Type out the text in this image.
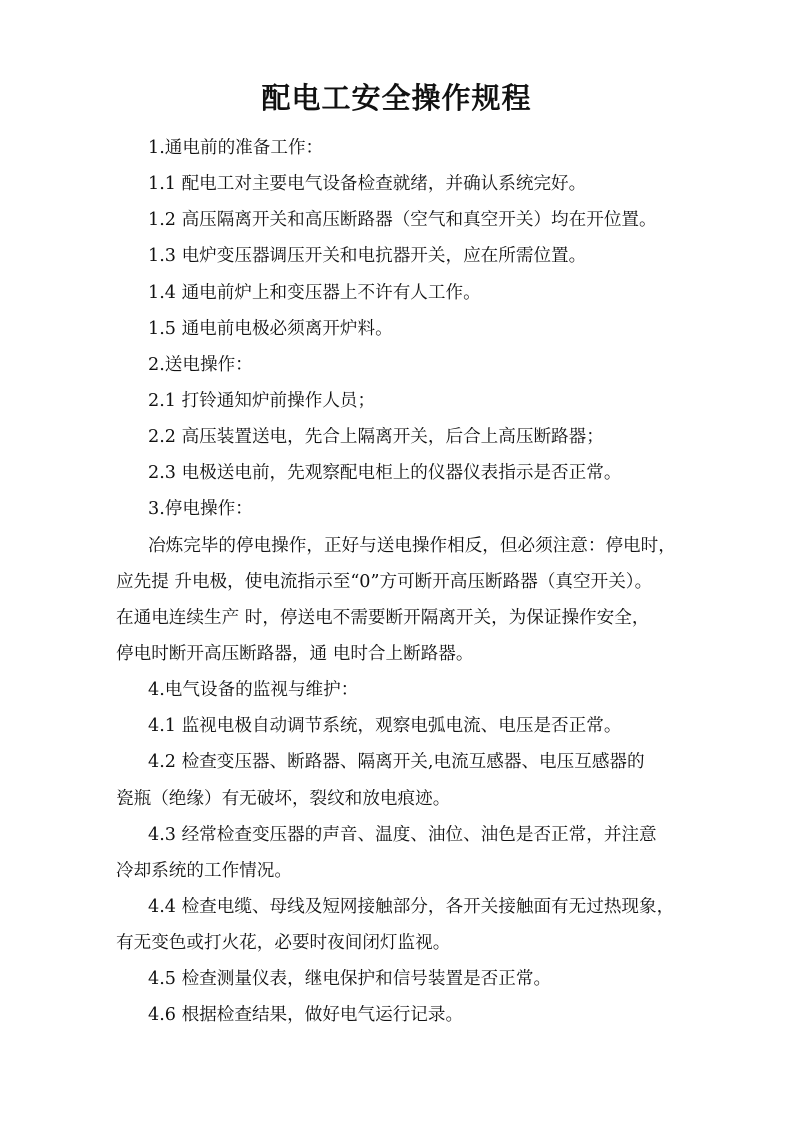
配电工安全操作规程
1.通电前的准备工作：
1.1 配电工对主要电气设备检查就绪，并确认系统完好。
1.2 高压隔离开关和高压断路器（空气和真空开关）均在开位置。
1.3 电炉变压器调压开关和电抗器开关，应在所需位置。
1.4 通电前炉上和变压器上不许有人工作。
1.5 通电前电极必须离开炉料。
2.送电操作：
2.1 打铃通知炉前操作人员；
2.2 高压装置送电，先合上隔离开关，后合上高压断路器；
2.3 电极送电前，先观察配电柜上的仪器仪表指示是否正常。
3.停电操作：
冶炼完毕的停电操作，正好与送电操作相反，但必须注意：停电时，
应先提 升电极，使电流指示至“0”方可断开高压断路器（真空开关）。
在通电连续生产 时，停送电不需要断开隔离开关，为保证操作安全，
停电时断开高压断路器，通 电时合上断路器。
4.电气设备的监视与维护：
4.1 监视电极自动调节系统，观察电弧电流、电压是否正常。
4.2 检查变压器、断路器、隔离开关,电流互感器、电压互感器的
瓷瓶（绝缘）有无破坏，裂纹和放电痕迹。
4.3 经常检查变压器的声音、温度、油位、油色是否正常，并注意
冷却系统的工作情况。
4.4 检查电缆、母线及短网接触部分，各开关接触面有无过热现象，
有无变色或打火花，必要时夜间闭灯监视。
4.5 检查测量仪表，继电保护和信号装置是否正常。
4.6 根据检查结果，做好电气运行记录。
